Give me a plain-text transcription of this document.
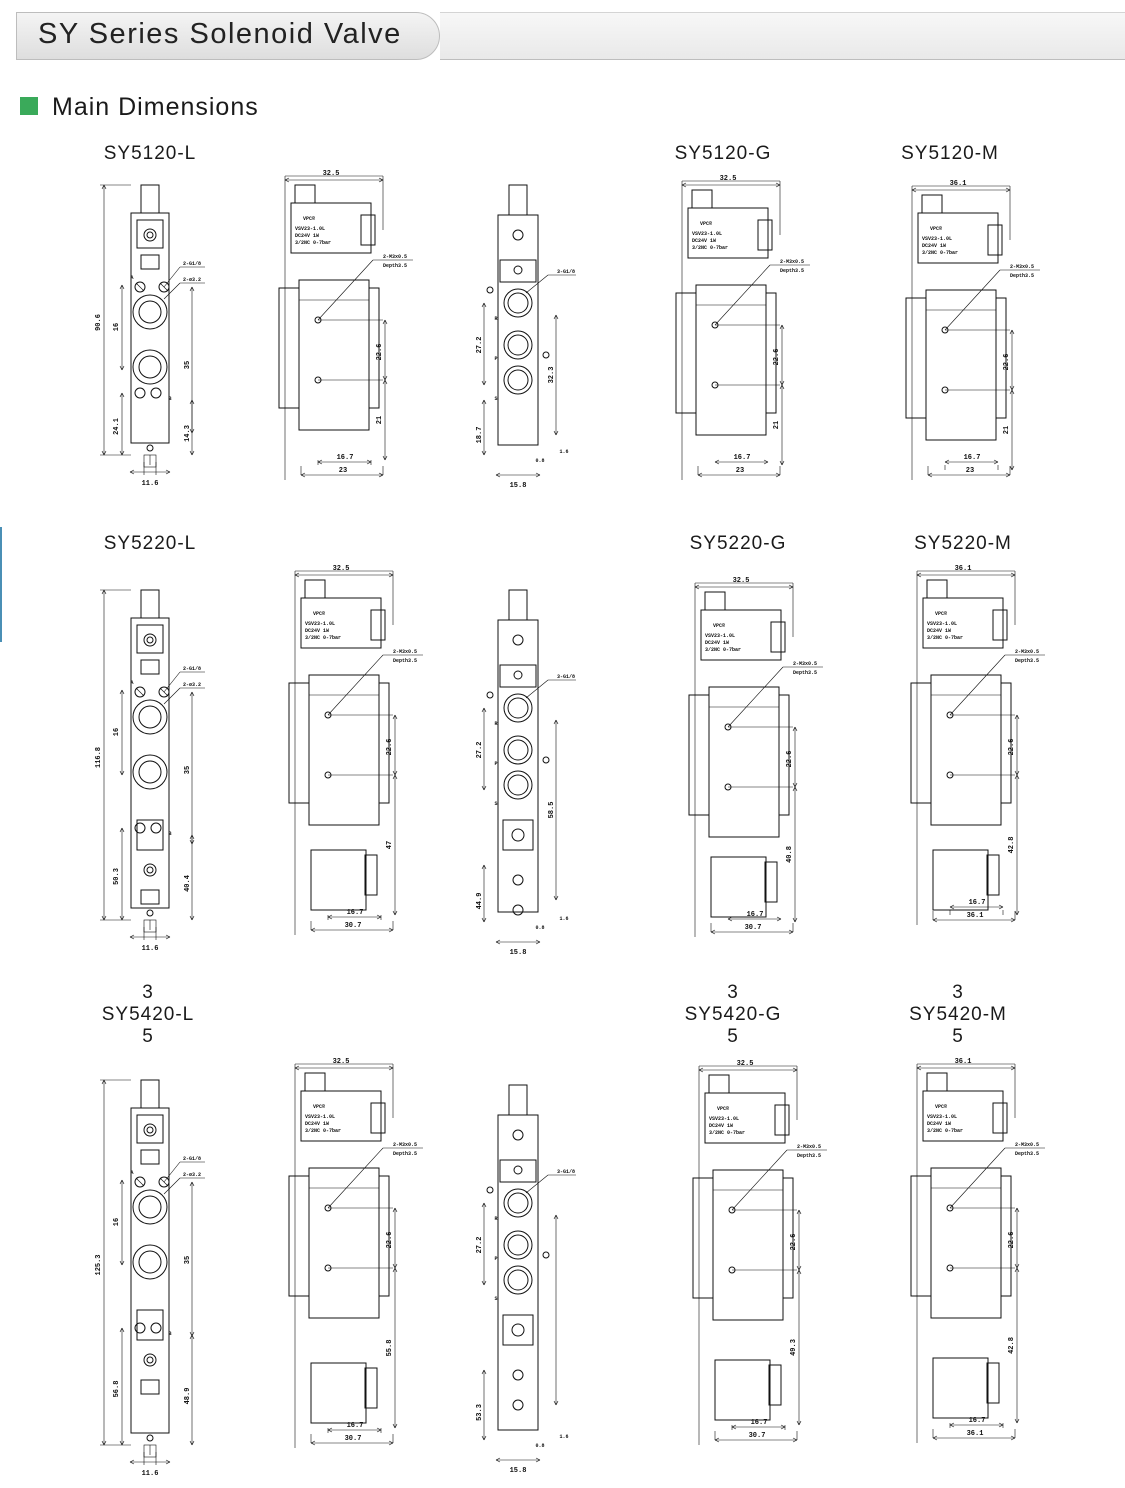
SY Series Solenoid Valve
Main Dimensions
SY5120-L	SY5120-G	SY5120-M
SY5220-L	SY5220-G	SY5220-M
3
SY5420-L
5
3
SY5420-G
5
3
SY5420-M
5
A
B
90.6 16
24.1
35
14.3
2-G1/8
2-ø3.2
11.6
32.5
VPC®
VSV23-1.0L
DC24V 1W
3/2NC 0-7bar
2-M3x0.5
Depth3.5
22.6
21
16.7
23
R
P
S
3-G1/8
27.2
18.7
32.3
0.8
1.6
15.8
32.5
VPC®
VSV23-1.0L
DC24V 1W
3/2NC 0-7bar
2-M3x0.5
Depth3.5
22.6
21
16.7
23
36.1
VPC®
VSV23-1.0L
DC24V 1W
3/2NC 0-7bar
2-M3x0.5
Depth3.5
22.6
21
16.7
23
A
B
116.8
16
50.3
35
40.4
2-G1/8
2-ø3.2
11.6
32.5
VPC®
VSV23-1.0L
DC24V 1W
3/2NC 0-7bar
2-M3x0.5
Depth3.5
22.6
47
16.7
30.7
R
P
S
3-G1/8
27.2
44.9
58.5
0.8
1.6
15.8
32.5
VPC®
VSV23-1.0L
DC24V 1W
3/2NC 0-7bar
2-M3x0.5
Depth3.5
22.6
40.8
16.7
30.7
36.1
VPC®
VSV23-1.0L
DC24V 1W
3/2NC 0-7bar
2-M3x0.5
Depth3.5
22.6
42.8
16.7
36.1
A
B
125.3
16
56.8
35
48.9
2-G1/8
2-ø3.2
11.6
32.5
VPC®
VSV23-1.0L
DC24V 1W
3/2NC 0-7bar
2-M3x0.5
Depth3.5
22.6
55.8
16.7
30.7
R
P
S
3-G1/8
27.2
53.3
0.8
1.6
15.8
32.5
VPC®
VSV23-1.0L
DC24V 1W
3/2NC 0-7bar
2-M3x0.5
Depth3.5
22.6
49.3
16.7
30.7
36.1
VPC®
VSV23-1.0L
DC24V 1W
3/2NC 0-7bar
2-M3x0.5
Depth3.5
22.6
42.8
16.7
36.1
